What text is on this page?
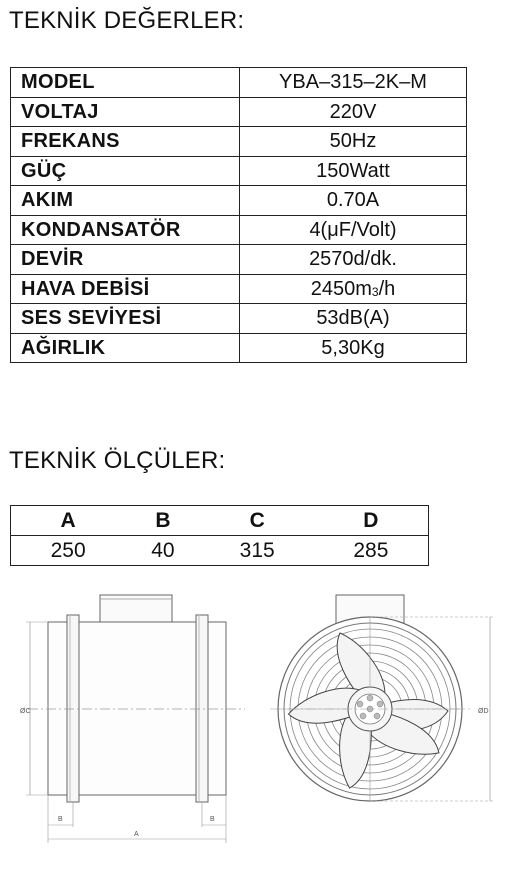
TEKNİK DEĞERLER:
MODEL	YBA–315–2K–M
VOLTAJ	220V
FREKANS	50Hz
GÜÇ	150Watt
AKIM	0.70A
KONDANSATÖR	4(μF/Volt)
DEVİR	2570d/dk.
HAVA DEBİSİ	$2450m_3/h$
SES SEVİYESİ	53dB(A)
AĞIRLIK	5,30Kg
TEKNİK ÖLÇÜLER:
A	B	C	D
250	40	315	285
ØC
B	B
A
ØD
